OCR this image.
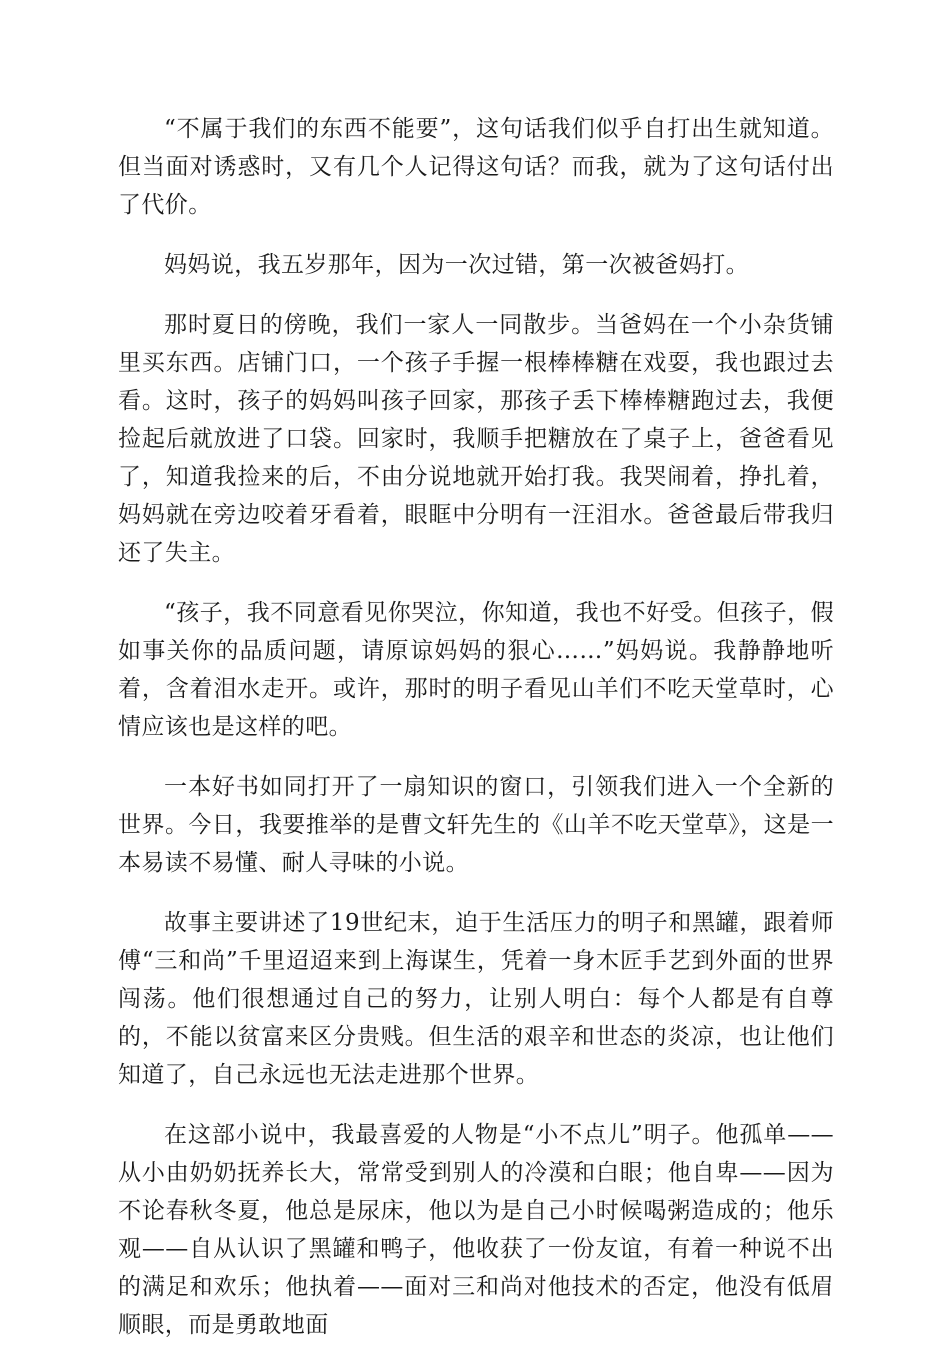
“不属于我们的东西不能要”，这句话我们似乎自打出生就知道。但当面对诱惑时，又有几个人记得这句话？而我，就为了这句话付出了代价。

妈妈说，我五岁那年，因为一次过错，第一次被爸妈打。

那时夏日的傍晚，我们一家人一同散步。当爸妈在一个小杂货铺里买东西。店铺门口，一个孩子手握一根棒棒糖在戏耍，我也跟过去看。这时，孩子的妈妈叫孩子回家，那孩子丢下棒棒糖跑过去，我便捡起后就放进了口袋。回家时，我顺手把糖放在了桌子上，爸爸看见了，知道我捡来的后，不由分说地就开始打我。我哭闹着，挣扎着，妈妈就在旁边咬着牙看着，眼眶中分明有一汪泪水。爸爸最后带我归还了失主。

“孩子，我不同意看见你哭泣，你知道，我也不好受。但孩子，假如事关你的品质问题，请原谅妈妈的狠心……”妈妈说。我静静地听着，含着泪水走开。或许，那时的明子看见山羊们不吃天堂草时，心情应该也是这样的吧。

一本好书如同打开了一扇知识的窗口，引领我们进入一个全新的世界。今日，我要推举的是曹文轩先生的《山羊不吃天堂草》，这是一本易读不易懂、耐人寻味的小说。

故事主要讲述了19世纪末，迫于生活压力的明子和黑罐，跟着师傅“三和尚”千里迢迢来到上海谋生，凭着一身木匠手艺到外面的世界闯荡。他们很想通过自己的努力，让别人明白：每个人都是有自尊的，不能以贫富来区分贵贱。但生活的艰辛和世态的炎凉，也让他们知道了，自己永远也无法走进那个世界。

在这部小说中，我最喜爱的人物是“小不点儿”明子。他孤单——从小由奶奶抚养长大，常常受到别人的冷漠和白眼；他自卑——因为不论春秋冬夏，他总是尿床，他以为是自己小时候喝粥造成的；他乐观——自从认识了黑罐和鸭子，他收获了一份友谊，有着一种说不出的满足和欢乐；他执着——面对三和尚对他技术的否定，他没有低眉顺眼，而是勇敢地面
